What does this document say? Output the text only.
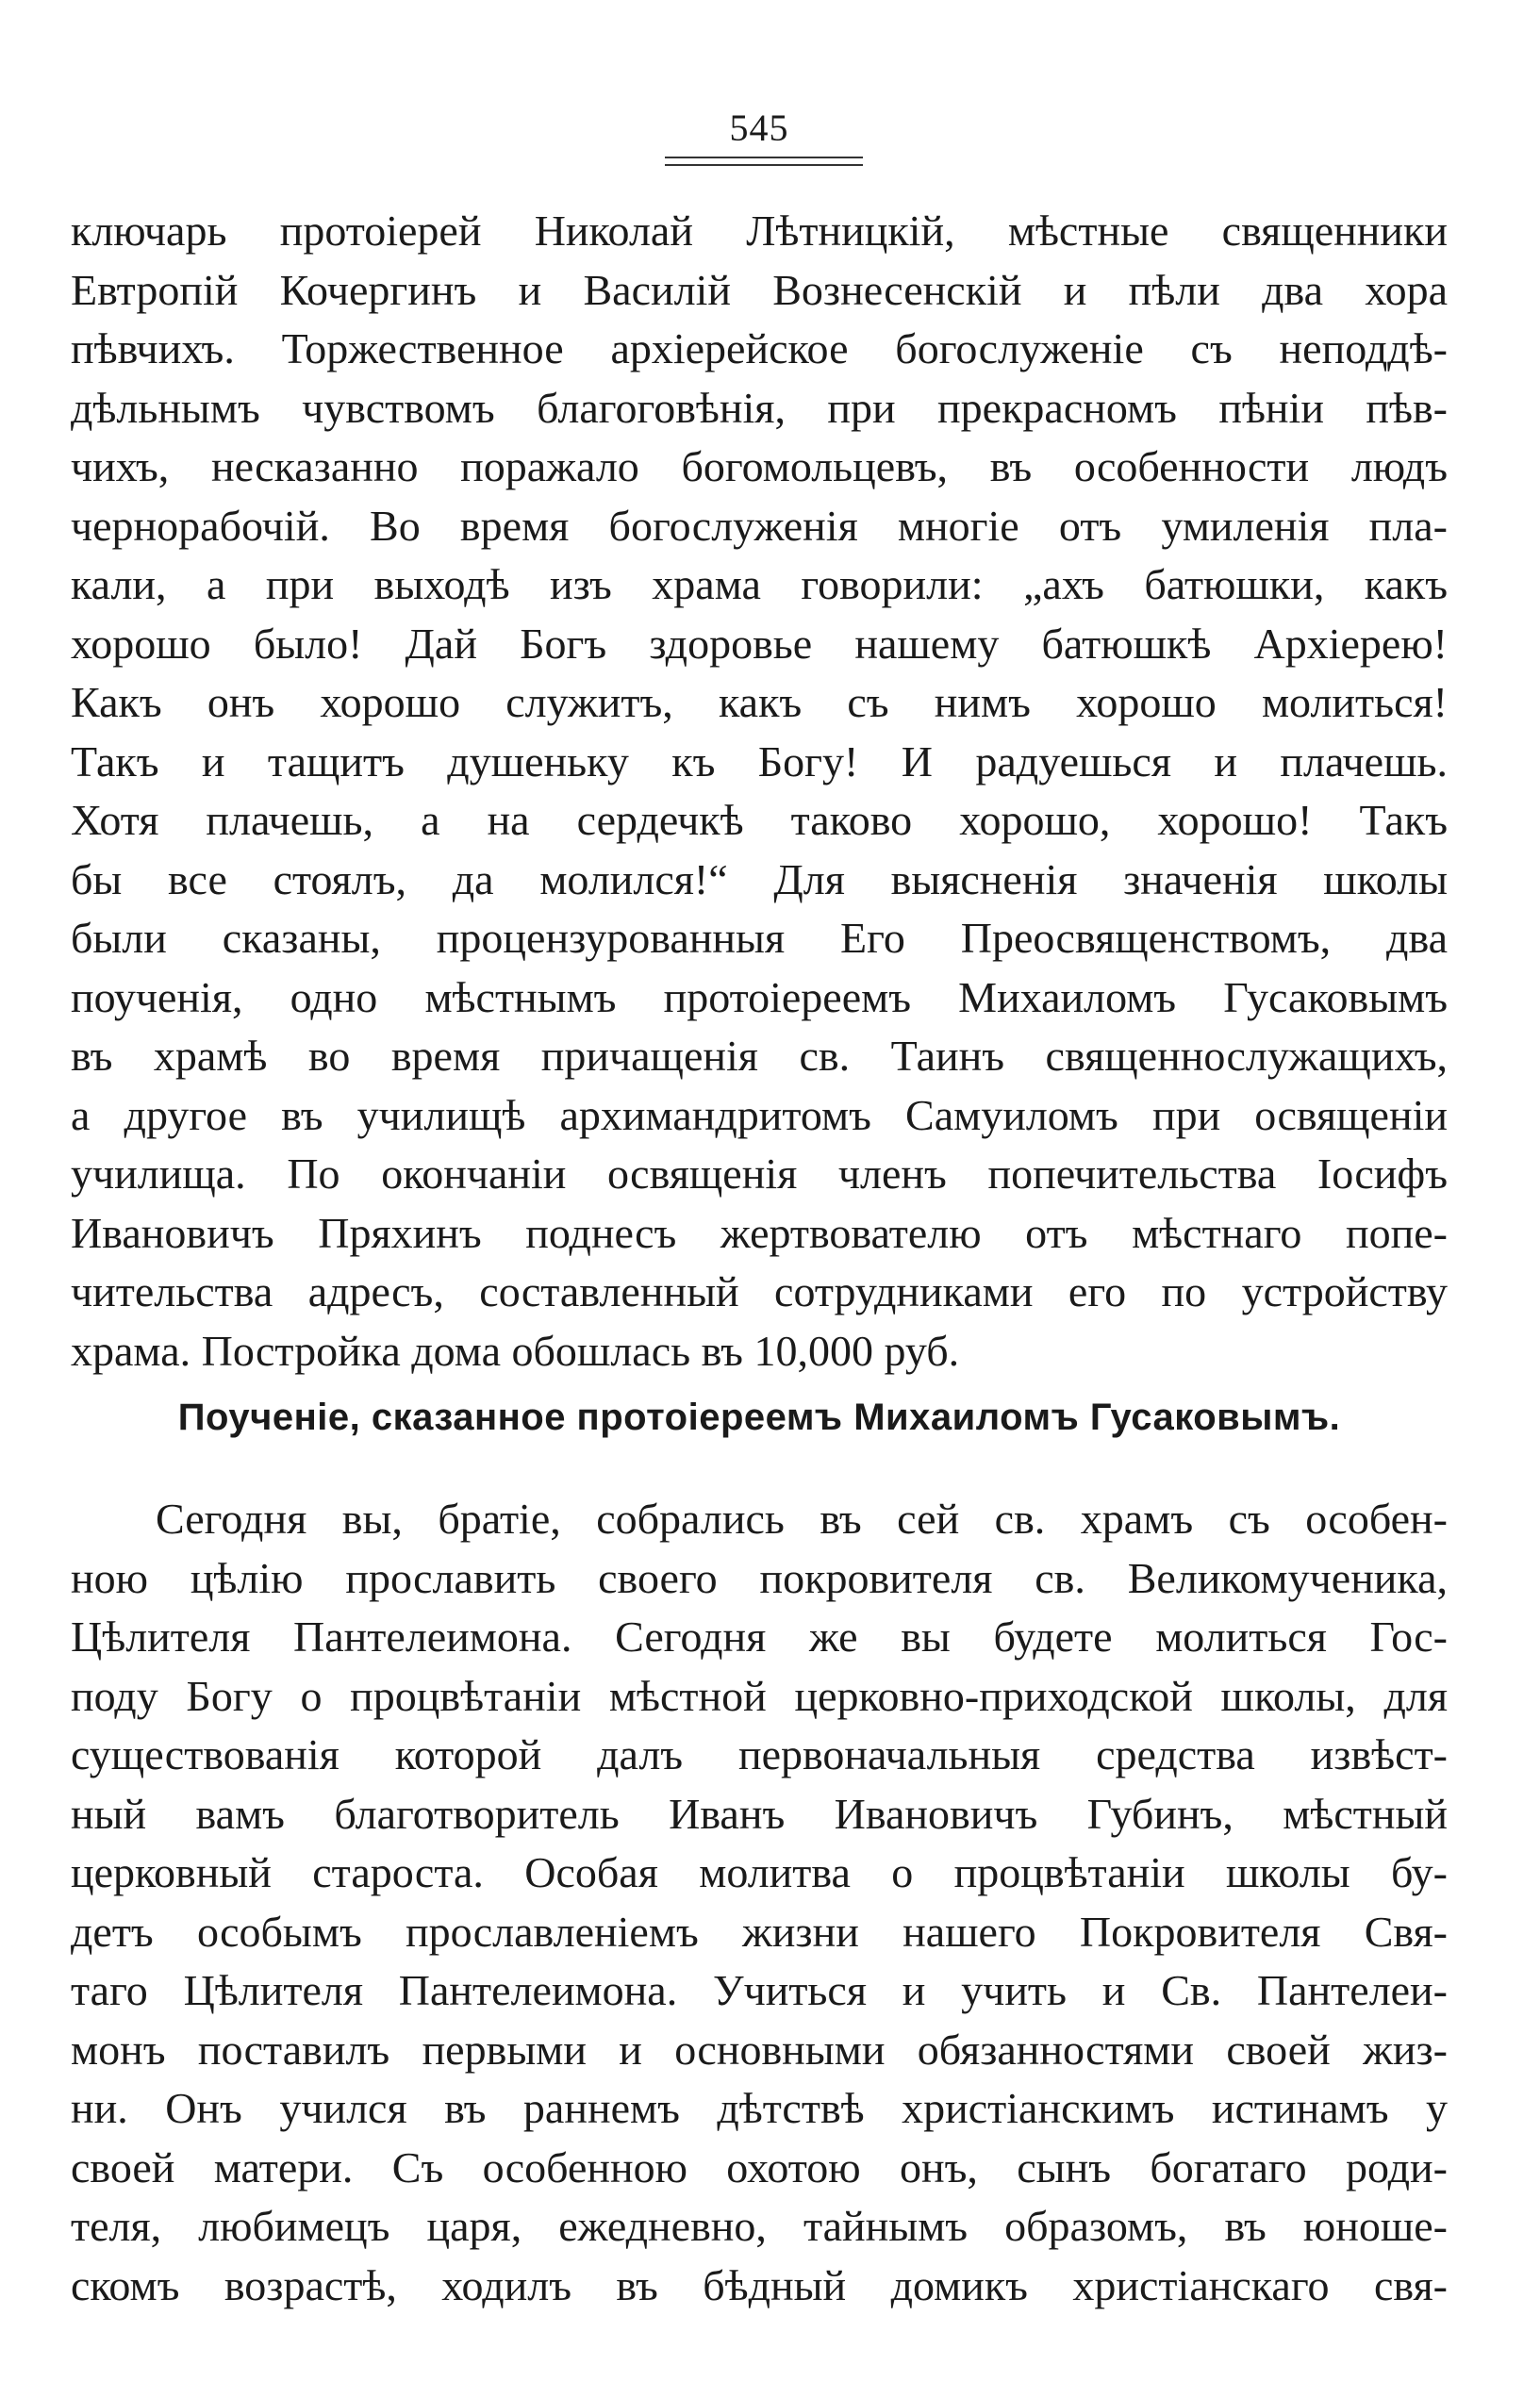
545
ключарь протоіерей Николай Лѣтницкій, мѣстные священники
Евтропій Кочергинъ и Василій Вознесенскій и пѣли два хора
пѣвчихъ. Торжественное архіерейское богослуженіе съ неподдѣ-
дѣльнымъ чувствомъ благоговѣнія, при прекрасномъ пѣніи пѣв-
чихъ, несказанно поражало богомольцевъ, въ особенности людъ
чернорабочій. Во время богослуженія многіе отъ умиленія пла-
кали, а при выходѣ изъ храма говорили: „ахъ батюшки, какъ
хорошо было! Дай Богъ здоровье нашему батюшкѣ Архіерею!
Какъ онъ хорошо служитъ, какъ съ нимъ хорошо молиться!
Такъ и тащитъ душеньку къ Богу! И радуешься и плачешь.
Хотя плачешь, а на сердечкѣ таково хорошо, хорошо! Такъ
бы все стоялъ, да молился!“ Для выясненія значенія школы
были сказаны, процензурованныя Его Преосвященствомъ, два
поученія, одно мѣстнымъ протоіереемъ Михаиломъ Гусаковымъ
въ храмѣ во время причащенія св. Таинъ священнослужащихъ,
а другое въ училищѣ архимандритомъ Самуиломъ при освященіи
училища. По окончаніи освященія членъ попечительства Іосифъ
Ивановичъ Пряхинъ поднесъ жертвователю отъ мѣстнаго попе-
чительства адресъ, составленный сотрудниками его по устройству
храма. Постройка дома обошлась въ 10,000 руб.
Поученіе, сказанное протоіереемъ Михаиломъ Гусаковымъ.
Сегодня вы, братіе, собрались въ сей св. храмъ съ особен-
ною цѣлію прославить своего покровителя св. Великомученика,
Цѣлителя Пантелеимона. Сегодня же вы будете молиться Гос-
поду Богу о процвѣтаніи мѣстной церковно-приходской школы, для
существованія которой далъ первоначальныя средства извѣст-
ный вамъ благотворитель Иванъ Ивановичъ Губинъ, мѣстный
церковный староста. Особая молитва о процвѣтаніи школы бу-
детъ особымъ прославленіемъ жизни нашего Покровителя Свя-
таго Цѣлителя Пантелеимона. Учиться и учить и Св. Пантелеи-
монъ поставилъ первыми и основными обязанностями своей жиз-
ни. Онъ учился въ раннемъ дѣтствѣ христіанскимъ истинамъ у
своей матери. Съ особенною охотою онъ, сынъ богатаго роди-
теля, любимецъ царя, ежедневно, тайнымъ образомъ, въ юноше-
скомъ возрастѣ, ходилъ въ бѣдный домикъ христіанскаго свя-
